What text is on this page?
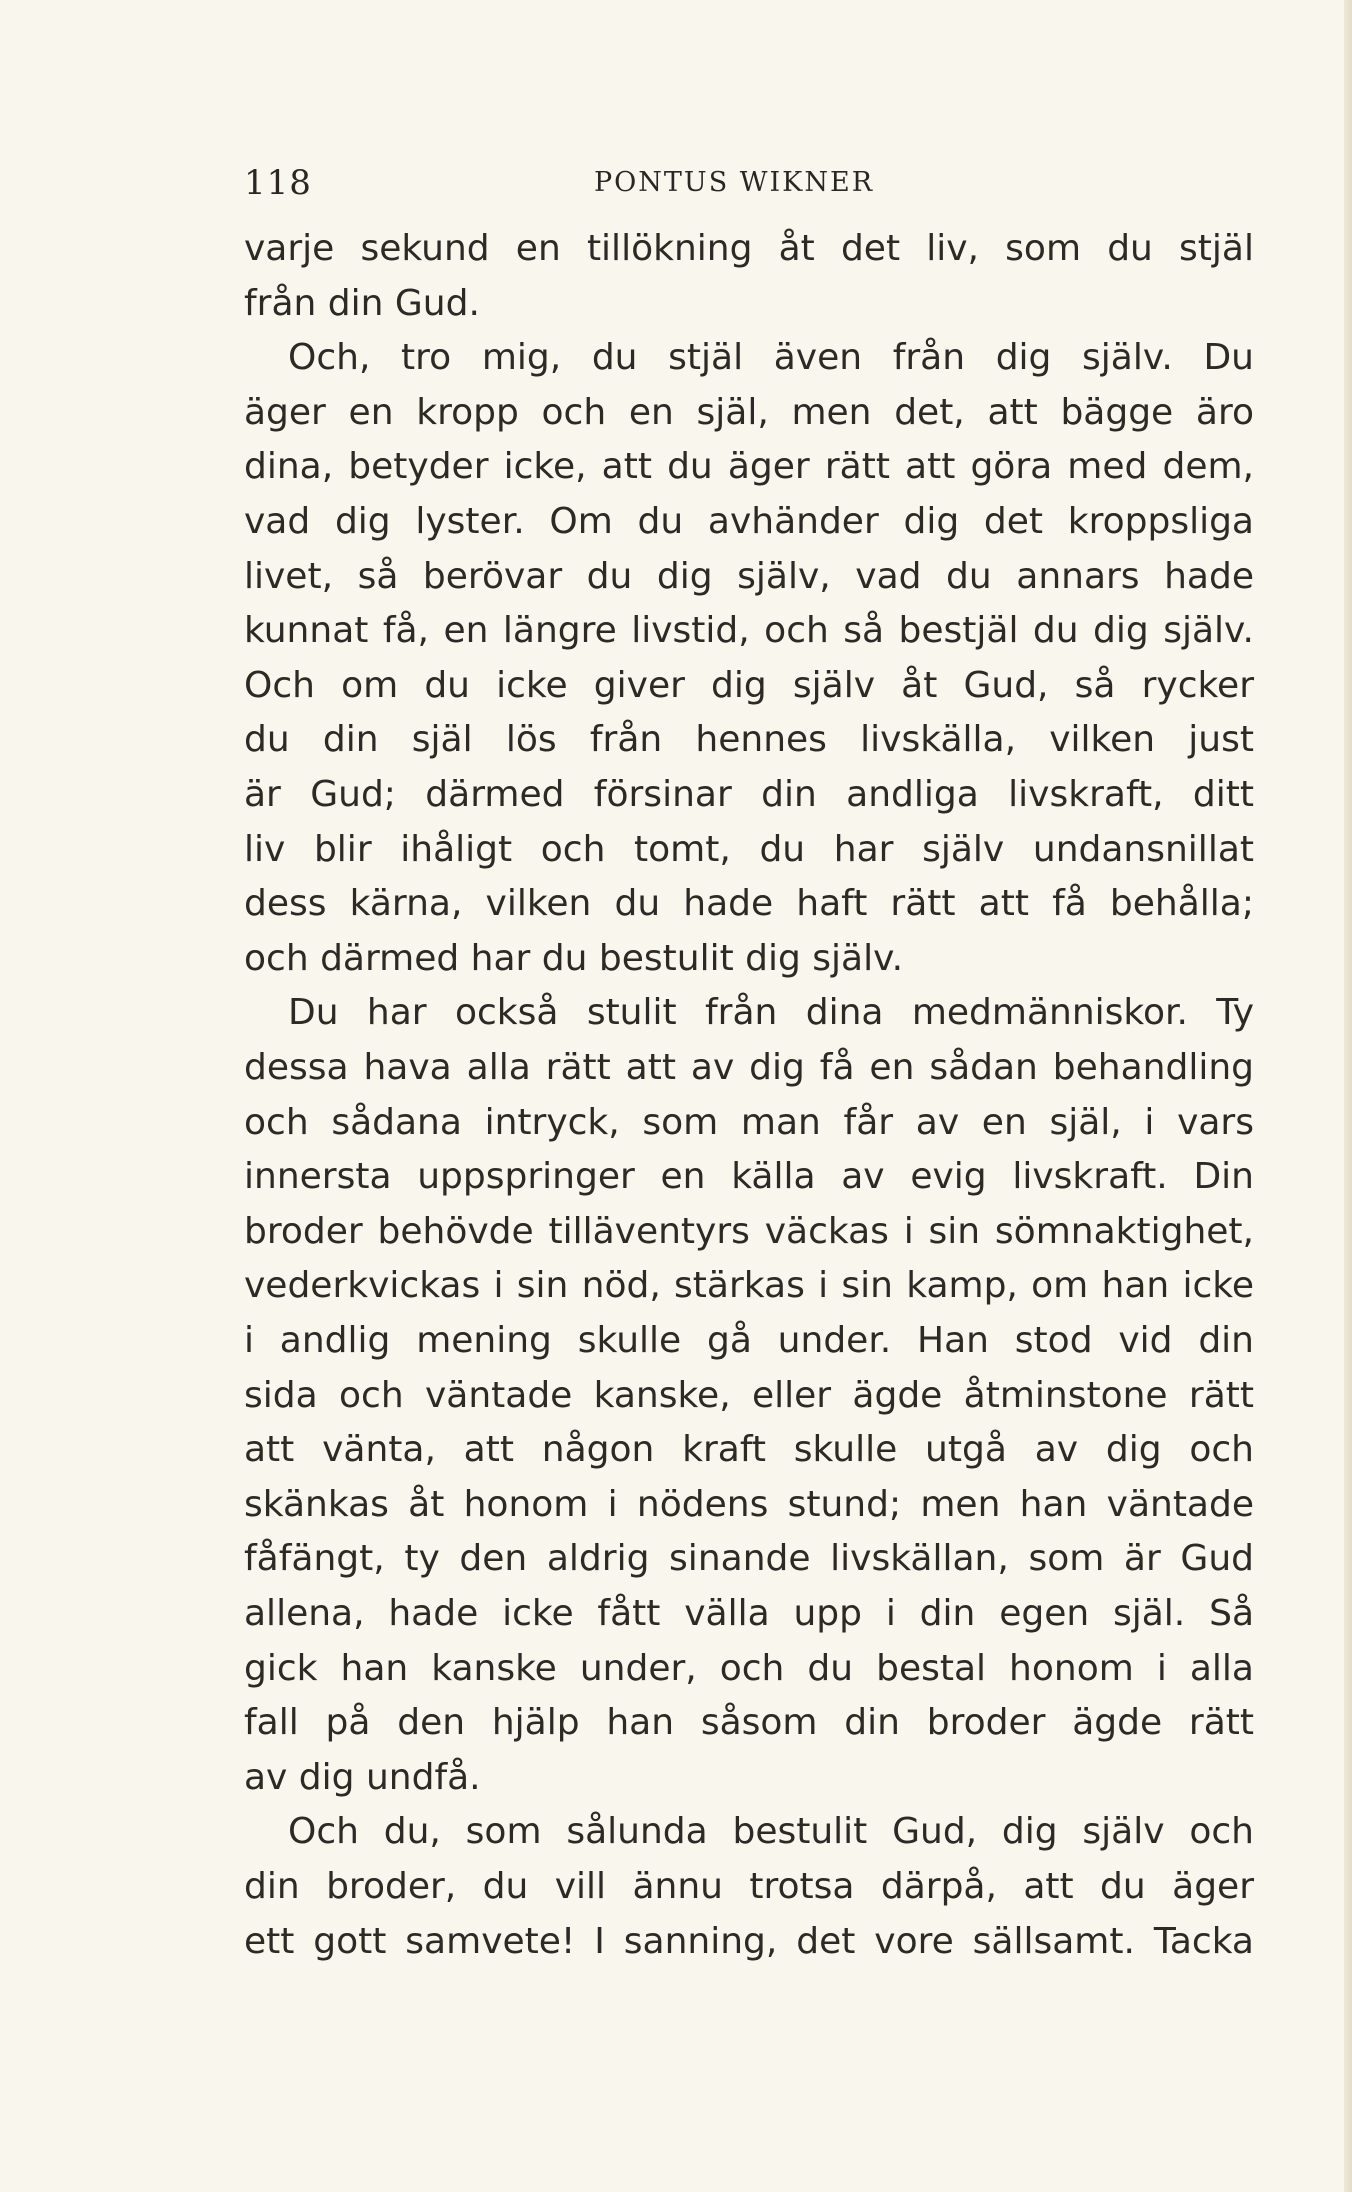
118	PONTUS WIKNER
varje sekund en tillökning åt det liv, som du stjäl
från din Gud.
Och, tro mig, du stjäl även från dig själv. Du
äger en kropp och en själ, men det, att bägge äro
dina, betyder icke, att du äger rätt att göra med dem,
vad dig lyster. Om du avhänder dig det kroppsliga
livet, så berövar du dig själv, vad du annars hade
kunnat få, en längre livstid, och så bestjäl du dig själv.
Och om du icke giver dig själv åt Gud, så rycker
du din själ lös från hennes livskälla, vilken just
är Gud; därmed försinar din andliga livskraft, ditt
liv blir ihåligt och tomt, du har själv undansnillat
dess kärna, vilken du hade haft rätt att få behålla;
och därmed har du bestulit dig själv.
Du har också stulit från dina medmänniskor. Ty
dessa hava alla rätt att av dig få en sådan behandling
och sådana intryck, som man får av en själ, i vars
innersta uppspringer en källa av evig livskraft. Din
broder behövde tilläventyrs väckas i sin sömnaktighet,
vederkvickas i sin nöd, stärkas i sin kamp, om han icke
i andlig mening skulle gå under. Han stod vid din
sida och väntade kanske, eller ägde åtminstone rätt
att vänta, att någon kraft skulle utgå av dig och
skänkas åt honom i nödens stund; men han väntade
fåfängt, ty den aldrig sinande livskällan, som är Gud
allena, hade icke fått välla upp i din egen själ. Så
gick han kanske under, och du bestal honom i alla
fall på den hjälp han såsom din broder ägde rätt
av dig undfå.
Och du, som sålunda bestulit Gud, dig själv och
din broder, du vill ännu trotsa därpå, att du äger
ett gott samvete! I sanning, det vore sällsamt. Tacka
